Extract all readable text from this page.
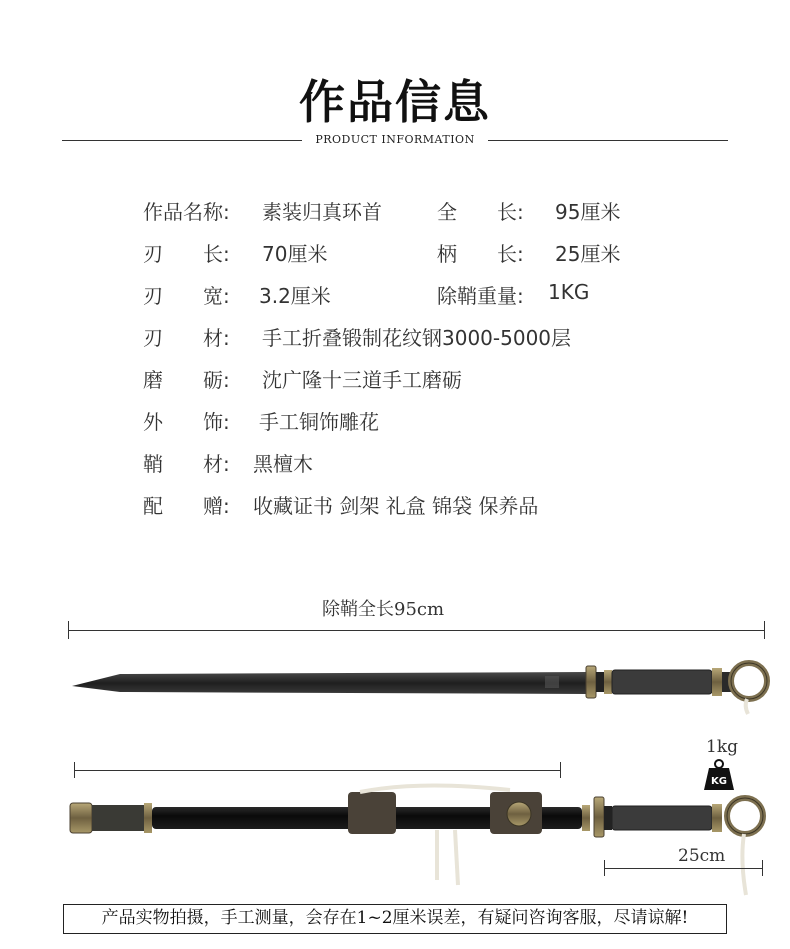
作品信息
PRODUCT INFORMATION
作品名称: 素装归真环首	全　　长: 95厘米
刃　　长: 70厘米	柄　　长: 25厘米
刃　　宽: 3.2厘米	除鞘重量: 1KG
刃　　材: 手工折叠锻制花纹钢3000-5000层
磨　　砺: 沈广隆十三道手工磨砺
外　　饰: 手工铜饰雕花
鞘　　材: 黑檀木
配　　赠: 收藏证书 剑架 礼盒 锦袋 保养品
除鞘全长95cm
KG
1kg
25cm
产品实物拍摄，手工测量，会存在1~2厘米误差，有疑问咨询客服，尽请谅解!
